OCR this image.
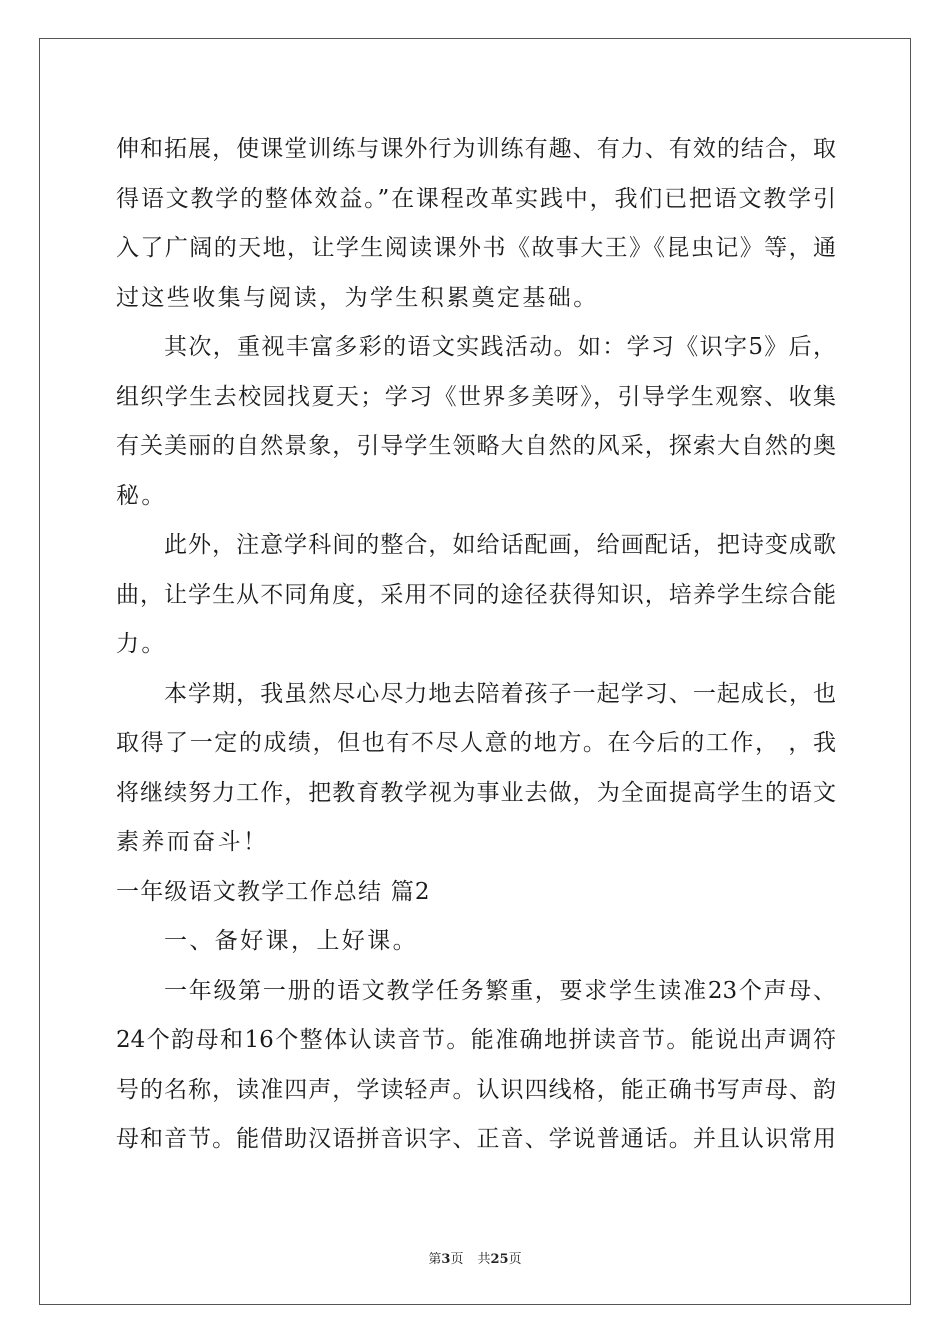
伸和拓展，使课堂训练与课外行为训练有趣、有力、有效的结合，取
得语文教学的整体效益。”在课程改革实践中，我们已把语文教学引
入了广阔的天地，让学生阅读课外书《故事大王》《昆虫记》等，通
过这些收集与阅读，为学生积累奠定基础。
其次，重视丰富多彩的语文实践活动。如：学习《识字5》后，
组织学生去校园找夏天；学习《世界多美呀》，引导学生观察、收集
有关美丽的自然景象，引导学生领略大自然的风采，探索大自然的奥
秘。
此外，注意学科间的整合，如给话配画，给画配话，把诗变成歌
曲，让学生从不同角度，采用不同的途径获得知识，培养学生综合能
力。
本学期，我虽然尽心尽力地去陪着孩子一起学习、一起成长，也
取得了一定的成绩，但也有不尽人意的地方。在今后的工作， ，我
将继续努力工作，把教育教学视为事业去做，为全面提高学生的语文
素养而奋斗！
一年级语文教学工作总结 篇2
一、备好课，上好课。
一年级第一册的语文教学任务繁重，要求学生读准23个声母、
24个韵母和16个整体认读音节。能准确地拼读音节。能说出声调符
号的名称，读准四声，学读轻声。认识四线格，能正确书写声母、韵
母和音节。能借助汉语拼音识字、正音、学说普通话。并且认识常用
第3页 共25页
